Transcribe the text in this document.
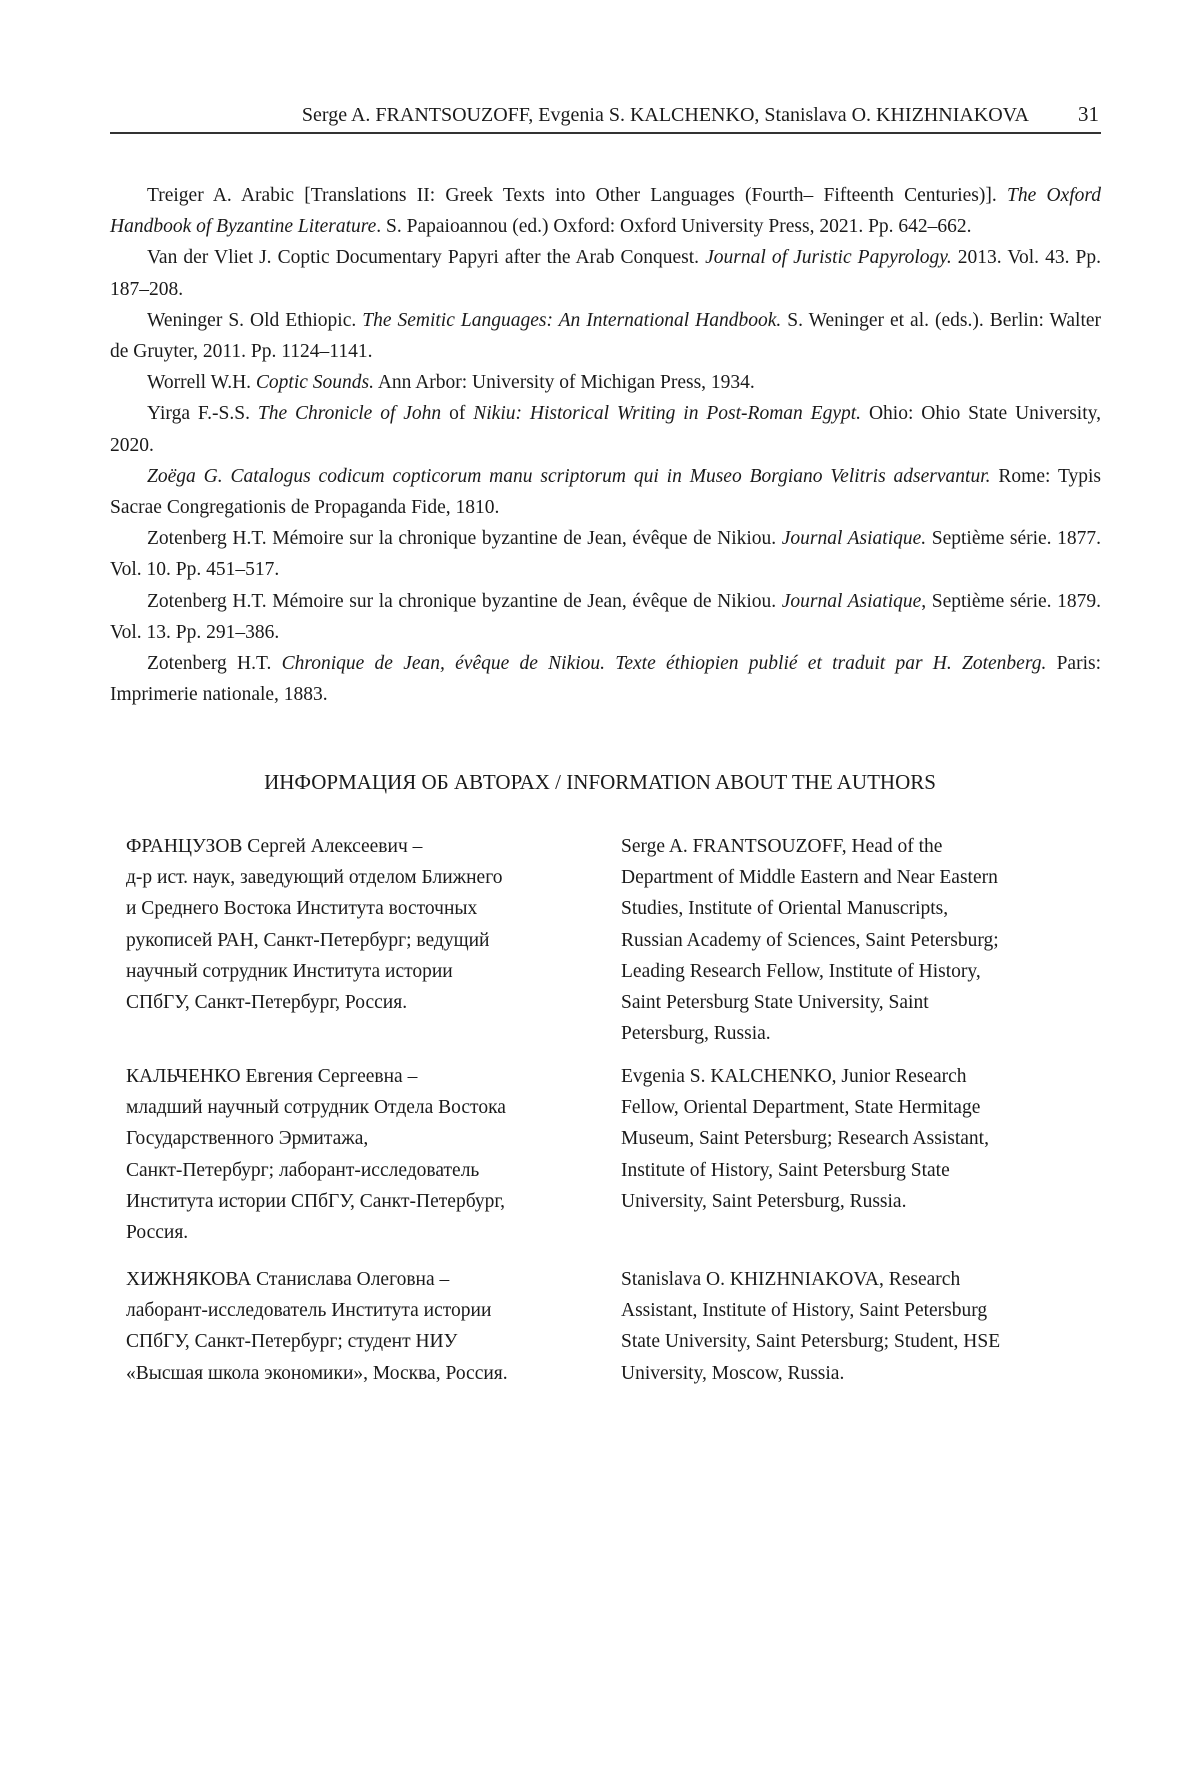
Serge A. FRANTSOUZOFF, Evgenia S. KALCHENKO, Stanislava O. KHIZHNIAKOVA 31
Treiger A. Arabic [Translations II: Greek Texts into Other Languages (Fourth– Fifteenth Centuries)]. The Oxford Handbook of Byzantine Literature. S. Papaioannou (ed.) Oxford: Oxford University Press, 2021. Pp. 642–662.
Van der Vliet J. Coptic Documentary Papyri after the Arab Conquest. Journal of Juristic Papyrology. 2013. Vol. 43. Pp. 187–208.
Weninger S. Old Ethiopic. The Semitic Languages: An International Handbook. S. Weninger et al. (eds.). Berlin: Walter de Gruyter, 2011. Pp. 1124–1141.
Worrell W.H. Coptic Sounds. Ann Arbor: University of Michigan Press, 1934.
Yirga F.-S.S. The Chronicle of John of Nikiu: Historical Writing in Post-Roman Egypt. Ohio: Ohio State University, 2020.
Zoëga G. Catalogus codicum copticorum manu scriptorum qui in Museo Borgiano Velitris adservantur. Rome: Typis Sacrae Congregationis de Propaganda Fide, 1810.
Zotenberg H.T. Mémoire sur la chronique byzantine de Jean, évêque de Nikiou. Journal Asiatique. Septième série. 1877. Vol. 10. Pp. 451–517.
Zotenberg H.T. Mémoire sur la chronique byzantine de Jean, évêque de Nikiou. Journal Asiatique, Septième série. 1879. Vol. 13. Pp. 291–386.
Zotenberg H.T. Chronique de Jean, évêque de Nikiou. Texte éthiopien publié et traduit par H. Zotenberg. Paris: Imprimerie nationale, 1883.
ИНФОРМАЦИЯ ОБ АВТОРАХ / INFORMATION ABOUT THE AUTHORS
ФРАНЦУЗОВ Сергей Алексеевич –
д-р ист. наук, заведующий отделом Ближнего
и Среднего Востока Института восточных
рукописей РАН, Санкт-Петербург; ведущий
научный сотрудник Института истории
СПбГУ, Санкт-Петербург, Россия.
Serge A. FRANTSOUZOFF, Head of the
Department of Middle Eastern and Near Eastern
Studies, Institute of Oriental Manuscripts,
Russian Academy of Sciences, Saint Petersburg;
Leading Research Fellow, Institute of History,
Saint Petersburg State University, Saint
Petersburg, Russia.
КАЛЬЧЕНКО Евгения Сергеевна –
младший научный сотрудник Отдела Востока
Государственного Эрмитажа,
Санкт-Петербург; лаборант-исследователь
Института истории СПбГУ, Санкт-Петербург,
Россия.
Evgenia S. KALCHENKO, Junior Research
Fellow, Oriental Department, State Hermitage
Museum, Saint Petersburg; Research Assistant,
Institute of History, Saint Petersburg State
University, Saint Petersburg, Russia.
ХИЖНЯКОВА Станислава Олеговна –
лаборант-исследователь Института истории
СПбГУ, Санкт-Петербург; студент НИУ
«Высшая школа экономики», Москва, Россия.
Stanislava O. KHIZHNIAKOVA, Research
Assistant, Institute of History, Saint Petersburg
State University, Saint Petersburg; Student, HSE
University, Moscow, Russia.
